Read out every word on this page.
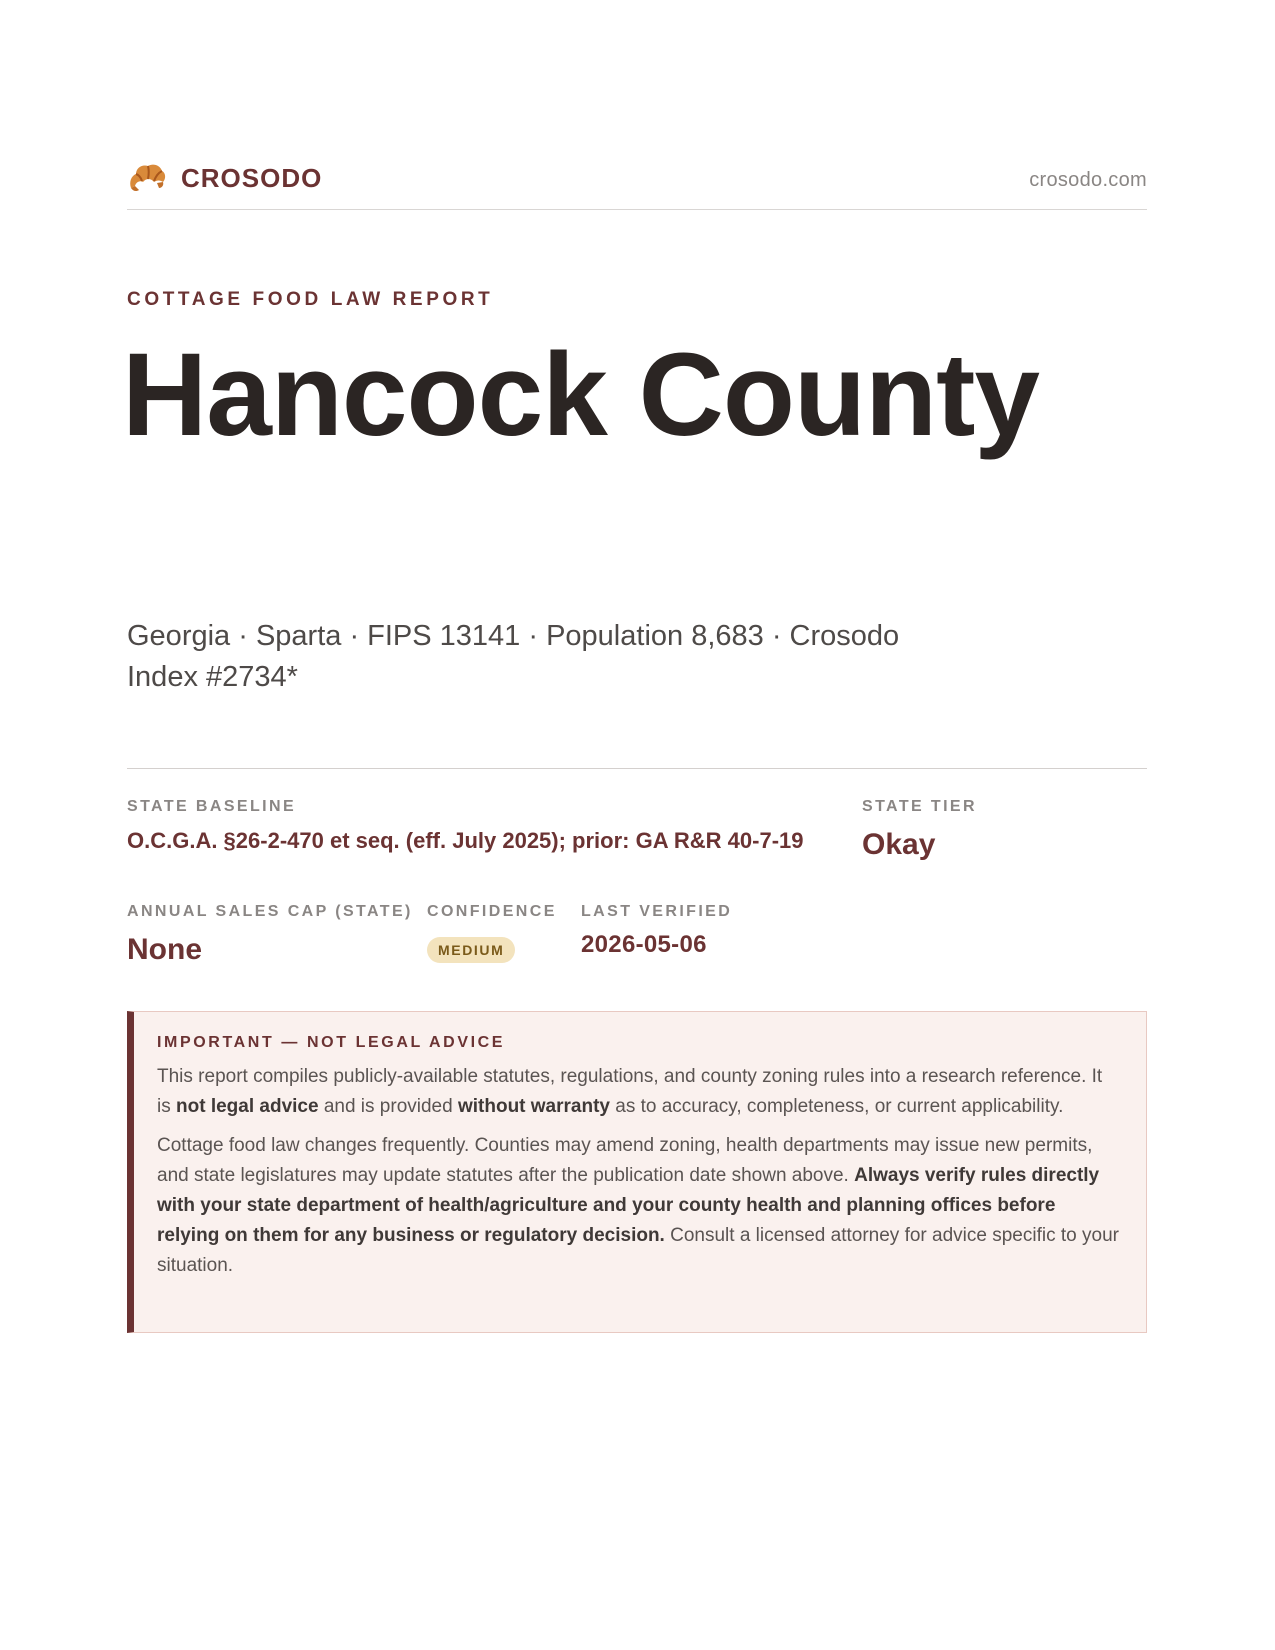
CROSODO	crosodo.com
COTTAGE FOOD LAW REPORT
Hancock County
Georgia · Sparta · FIPS 13141 · Population 8,683 · Crosodo Index #2734*
STATE BASELINE
O.C.G.A. §26-2-470 et seq. (eff. July 2025); prior: GA R&R 40-7-19
STATE TIER
Okay
ANNUAL SALES CAP (STATE)
None
CONFIDENCE
MEDIUM
LAST VERIFIED
2026-05-06
IMPORTANT — NOT LEGAL ADVICE

This report compiles publicly-available statutes, regulations, and county zoning rules into a research reference. It is not legal advice and is provided without warranty as to accuracy, completeness, or current applicability.

Cottage food law changes frequently. Counties may amend zoning, health departments may issue new permits, and state legislatures may update statutes after the publication date shown above. Always verify rules directly with your state department of health/agriculture and your county health and planning offices before relying on them for any business or regulatory decision. Consult a licensed attorney for advice specific to your situation.
